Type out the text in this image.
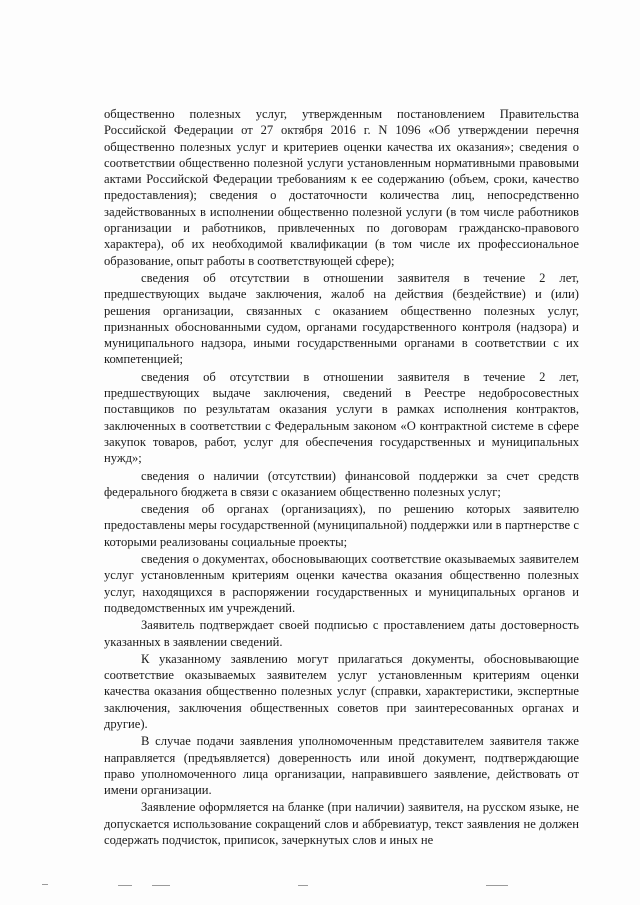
общественно полезных услуг, утвержденным постановлением Правительства Российской Федерации от 27 октября 2016 г. N 1096 «Об утверждении перечня общественно полезных услуг и критериев оценки качества их оказания»; сведения о соответствии общественно полезной услуги установленным нормативными правовыми актами Российской Федерации требованиям к ее содержанию (объем, сроки, качество предоставления); сведения о достаточности количества лиц, непосредственно задействованных в исполнении общественно полезной услуги (в том числе работников организации и работников, привлеченных по договорам гражданско-правового характера), об их необходимой квалификации (в том числе их профессиональное образование, опыт работы в соответствующей сфере);

сведения об отсутствии в отношении заявителя в течение 2 лет, предшествующих выдаче заключения, жалоб на действия (бездействие) и (или) решения организации, связанных с оказанием общественно полезных услуг, признанных обоснованными судом, органами государственного контроля (надзора) и муниципального надзора, иными государственными органами в соответствии с их компетенцией;

сведения об отсутствии в отношении заявителя в течение 2 лет, предшествующих выдаче заключения, сведений в Реестре недобросовестных поставщиков по результатам оказания услуги в рамках исполнения контрактов, заключенных в соответствии с Федеральным законом «О контрактной системе в сфере закупок товаров, работ, услуг для обеспечения государственных и муниципальных нужд»;

сведения о наличии (отсутствии) финансовой поддержки за счет средств федерального бюджета в связи с оказанием общественно полезных услуг;

сведения об органах (организациях), по решению которых заявителю предоставлены меры государственной (муниципальной) поддержки или в партнерстве с которыми реализованы социальные проекты;

сведения о документах, обосновывающих соответствие оказываемых заявителем услуг установленным критериям оценки качества оказания общественно полезных услуг, находящихся в распоряжении государственных и муниципальных органов и подведомственных им учреждений.

Заявитель подтверждает своей подписью с проставлением даты достоверность указанных в заявлении сведений.

К указанному заявлению могут прилагаться документы, обосновывающие соответствие оказываемых заявителем услуг установленным критериям оценки качества оказания общественно полезных услуг (справки, характеристики, экспертные заключения, заключения общественных советов при заинтересованных органах и другие).

В случае подачи заявления уполномоченным представителем заявителя также направляется (предъявляется) доверенность или иной документ, подтверждающие право уполномоченного лица организации, направившего заявление, действовать от имени организации.

Заявление оформляется на бланке (при наличии) заявителя, на русском языке, не допускается использование сокращений слов и аббревиатур, текст заявления не должен содержать подчисток, приписок, зачеркнутых слов и иных не
